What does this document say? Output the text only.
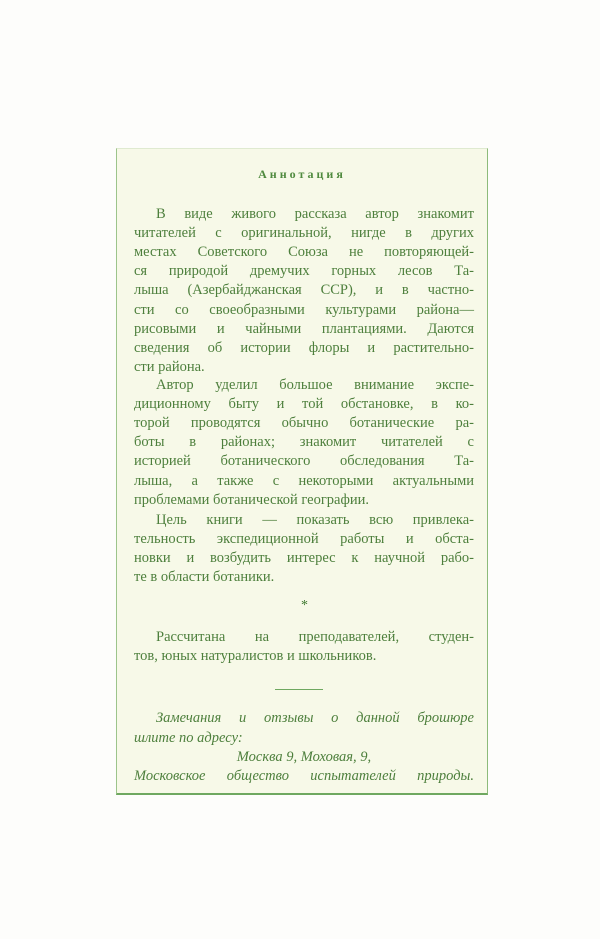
Аннотация
В виде живого рассказа автор знакомит
читателей с оригинальной, нигде в других
местах Советского Союза не повторяющей-
ся природой дремучих горных лесов Та-
лыша (Азербайджанская ССР), и в частно-
сти со своеобразными культурами района—
рисовыми и чайными плантациями. Даются
сведения об истории флоры и растительно-
сти района.
Автор уделил большое внимание экспе-
диционному быту и той обстановке, в ко-
торой проводятся обычно ботанические ра-
боты в районах; знакомит читателей с
историей ботанического обследования Та-
лыша, а также с некоторыми актуальными
проблемами ботанической географии.
Цель книги — показать всю привлека-
тельность экспедиционной работы и обста-
новки и возбудить интерес к научной рабо-
те в области ботаники.
Рассчитана на преподавателей, студен-
тов, юных натуралистов и школьников.
Замечания и отзывы о данной брошюре
шлите по адресу:
Москва 9, Моховая, 9,
Московское общество испытателей природы.
*
